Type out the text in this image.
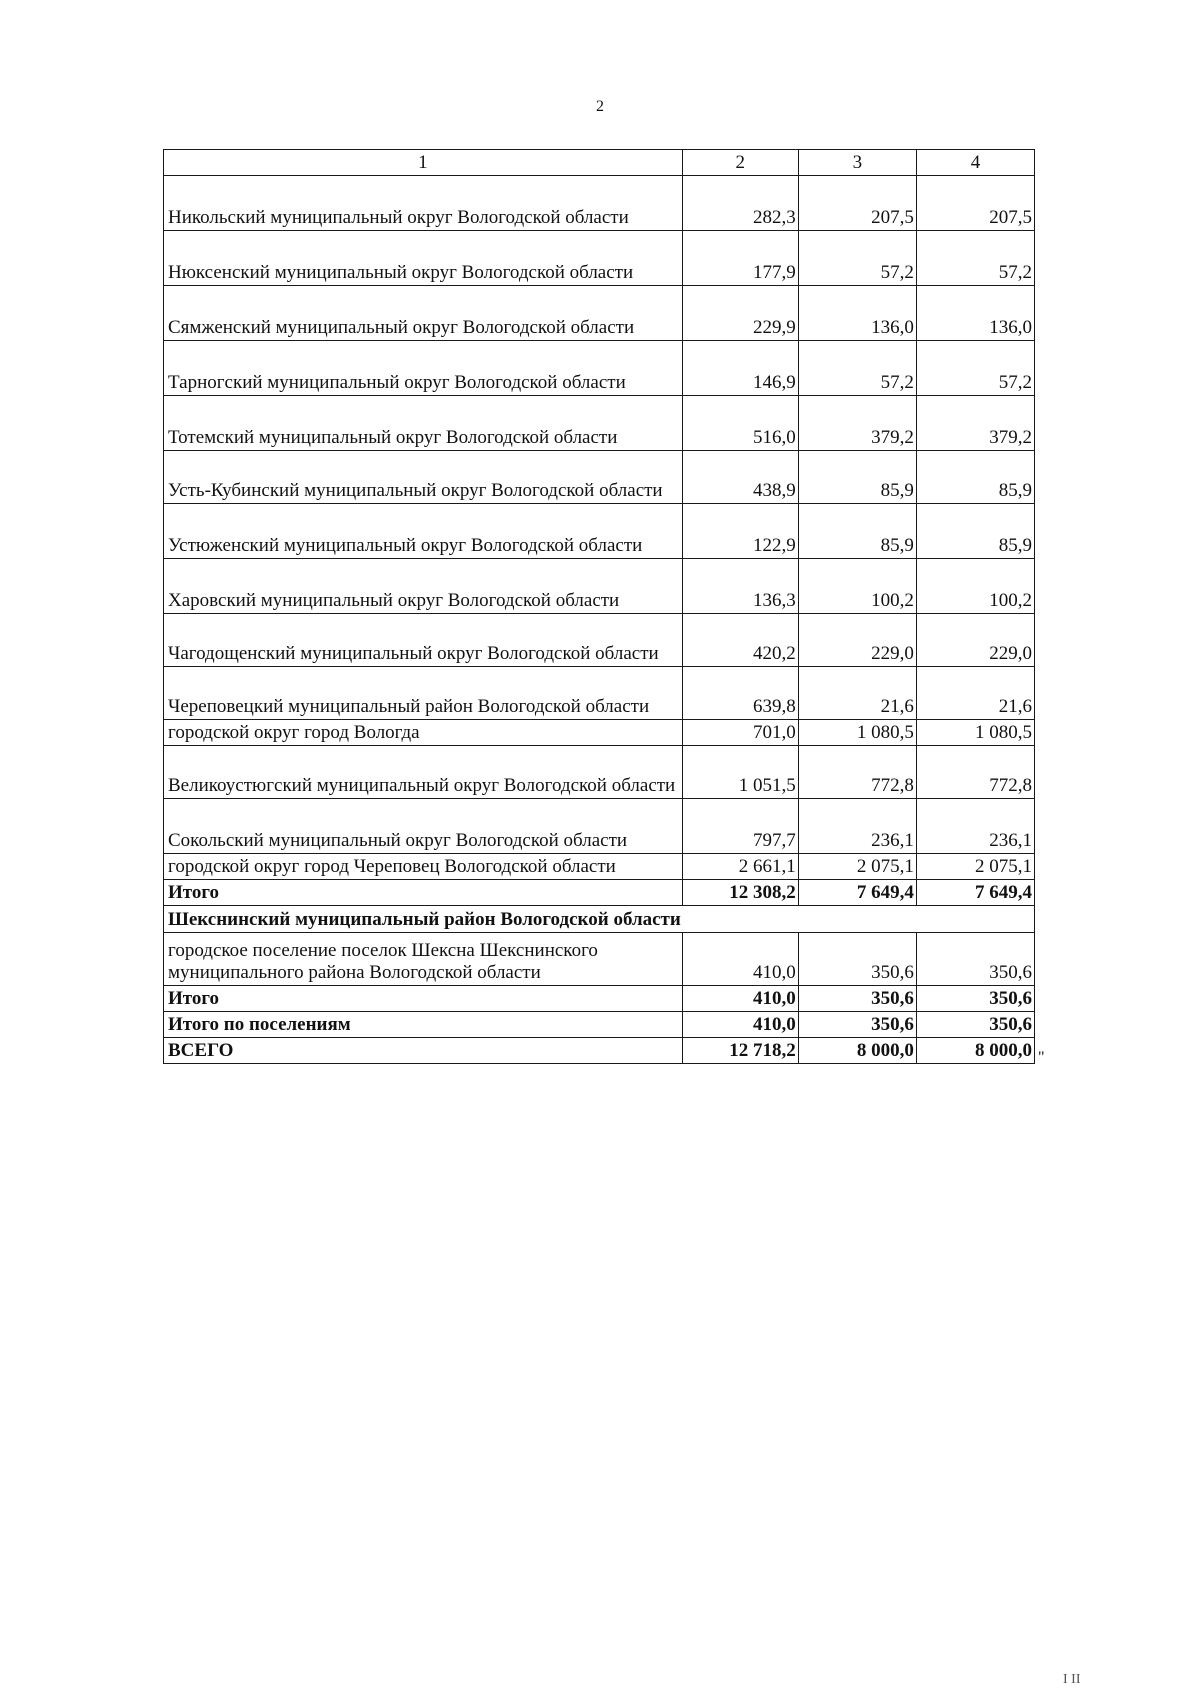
2
1	2	3	4
Никольский муниципальный округ Вологодской области	282,3	207,5	207,5
Нюксенский муниципальный округ Вологодской области	177,9	57,2	57,2
Сямженский муниципальный округ Вологодской области	229,9	136,0	136,0
Тарногский муниципальный округ Вологодской области	146,9	57,2	57,2
Тотемский муниципальный округ Вологодской области	516,0	379,2	379,2
Усть-Кубинский муниципальный округ Вологодской области	438,9	85,9	85,9
Устюженский муниципальный округ Вологодской области	122,9	85,9	85,9
Харовский муниципальный округ Вологодской области	136,3	100,2	100,2
Чагодощенский муниципальный округ Вологодской области	420,2	229,0	229,0
Череповецкий муниципальный район Вологодской области	639,8	21,6	21,6
городской округ город Вологда	701,0	1 080,5	1 080,5
Великоустюгский муниципальный округ Вологодской области	1 051,5	772,8	772,8
Сокольский муниципальный округ Вологодской области	797,7	236,1	236,1
городской округ город Череповец Вологодской области	2 661,1	2 075,1	2 075,1
Итого	12 308,2	7 649,4	7 649,4
Шекснинский муниципальный район Вологодской области			
городское поселение поселок Шексна Шекснинского муниципального района Вологодской области	410,0	350,6	350,6
Итого	410,0	350,6	350,6
Итого по поселениям	410,0	350,6	350,6
ВСЕГО	12 718,2	8 000,0	8 000,0 "
I II
